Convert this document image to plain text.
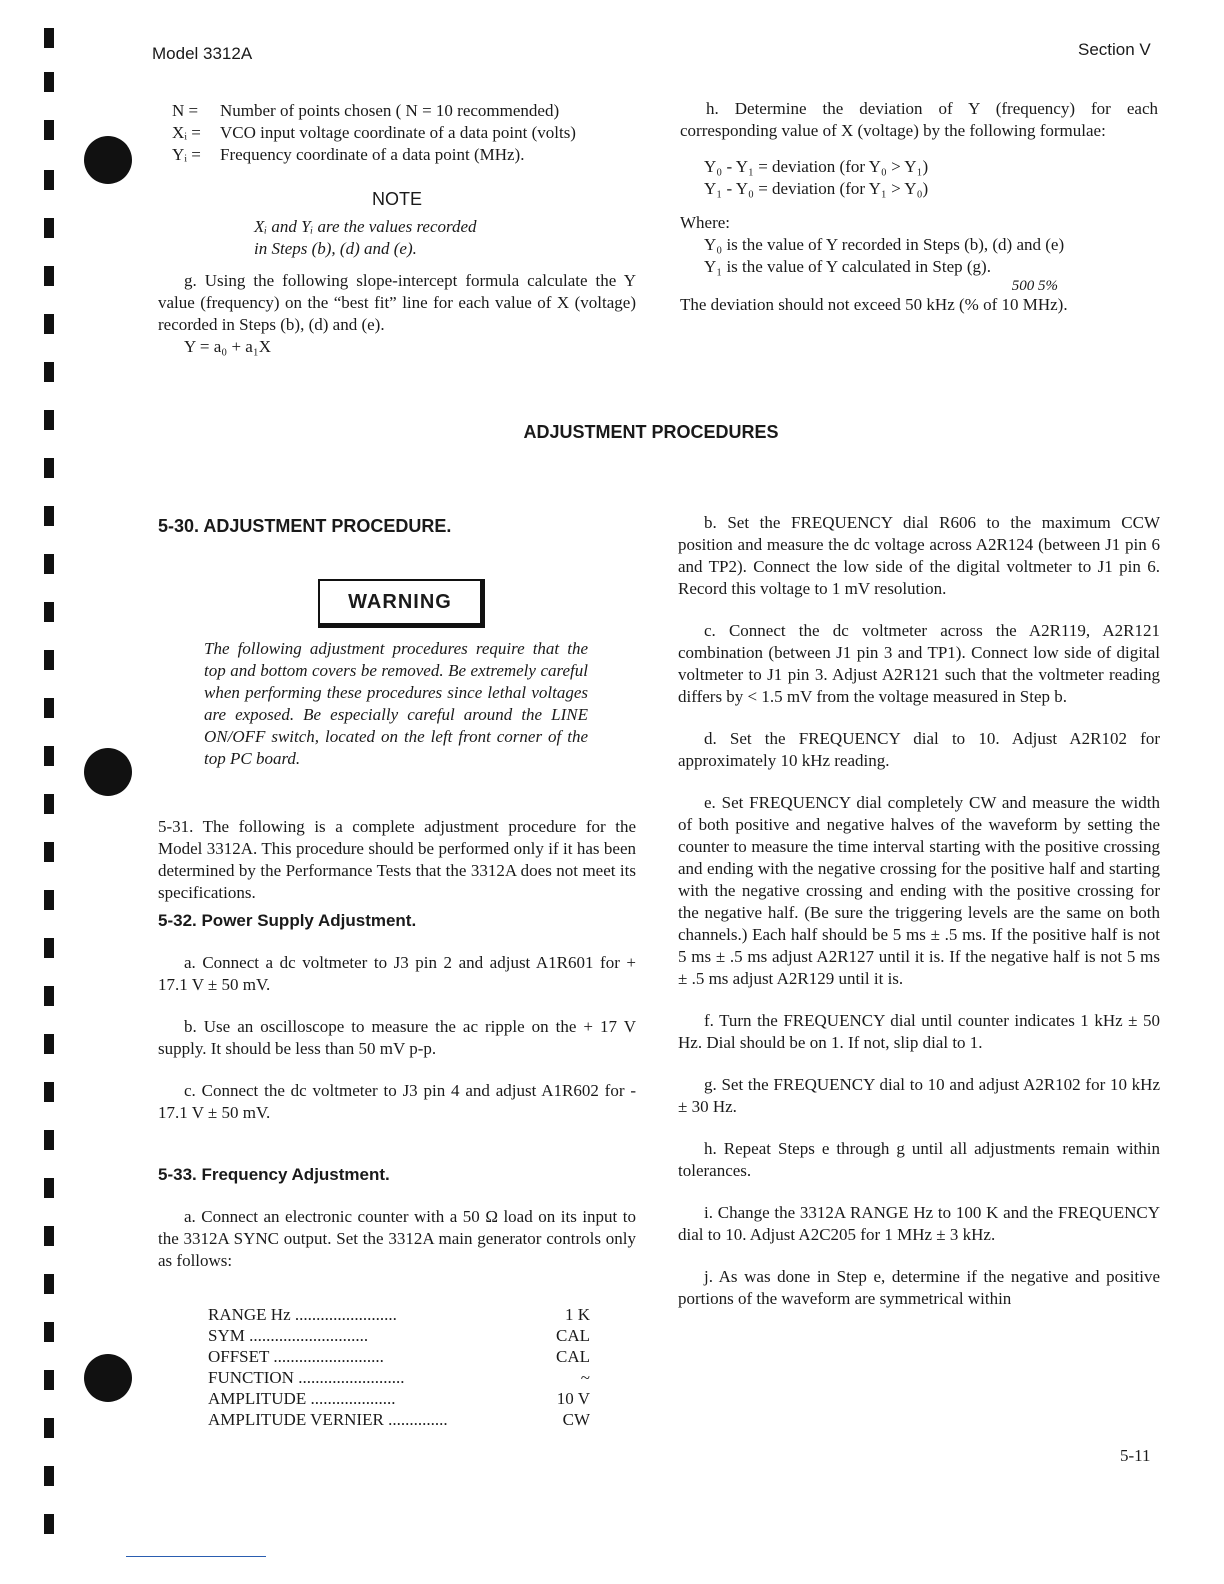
Model 3312A	Section V
N =	Number of points chosen ( N = 10 recommended)
Xᵢ =	VCO input voltage coordinate of a data point (volts)
Yᵢ =	Frequency coordinate of a data point (MHz).
NOTE
Xᵢ and Yᵢ are the values recorded
in Steps (b), (d) and (e).

g. Using the following slope-intercept formula calculate the Y value (frequency) on the “best fit” line for each value of X (voltage) recorded in Steps (b), (d) and (e).

Y = a₀ + a₁X

h. Determine the deviation of Y (frequency) for each corresponding value of X (voltage) by the following formulae:

Y₀ - Y₁ = deviation (for Y₀ > Y₁)
Y₁ - Y₀ = deviation (for Y₁ > Y₀)
Where:
Y₀ is the value of Y recorded in Steps (b), (d) and (e)
Y₁ is the value of Y calculated in Step (g).
500 5%
The deviation should not exceed 50 kHz (% of 10 MHz).
ADJUSTMENT PROCEDURES
5-30. ADJUSTMENT PROCEDURE.
WARNING
The following adjustment procedures require that the top and bottom covers be removed. Be extremely careful when performing these procedures since lethal voltages are exposed. Be especially careful around the LINE ON/OFF switch, located on the left front corner of the top PC board.

5-31. The following is a complete adjustment procedure for the Model 3312A. This procedure should be performed only if it has been determined by the Performance Tests that the 3312A does not meet its specifications.

5-32. Power Supply Adjustment.

a. Connect a dc voltmeter to J3 pin 2 and adjust A1R601 for + 17.1 V ± 50 mV.

b. Use an oscilloscope to measure the ac ripple on the + 17 V supply. It should be less than 50 mV p-p.

c. Connect the dc voltmeter to J3 pin 4 and adjust A1R602 for - 17.1 V ± 50 mV.

5-33. Frequency Adjustment.

a. Connect an electronic counter with a 50 Ω load on its input to the 3312A SYNC output. Set the 3312A main generator controls only as follows:

RANGE Hz ........................	1 K
SYM ............................	CAL
OFFSET ..........................	CAL
FUNCTION .........................	~
AMPLITUDE ....................	10 V
AMPLITUDE VERNIER ..............	CW

b. Set the FREQUENCY dial R606 to the maximum CCW position and measure the dc voltage across A2R124 (between J1 pin 6 and TP2). Connect the low side of the digital voltmeter to J1 pin 6. Record this voltage to 1 mV resolution.

c. Connect the dc voltmeter across the A2R119, A2R121 combination (between J1 pin 3 and TP1). Connect low side of digital voltmeter to J1 pin 3. Adjust A2R121 such that the voltmeter reading differs by < 1.5 mV from the voltage measured in Step b.

d. Set the FREQUENCY dial to 10. Adjust A2R102 for approximately 10 kHz reading.

e. Set FREQUENCY dial completely CW and measure the width of both positive and negative halves of the waveform by setting the counter to measure the time interval starting with the positive crossing and ending with the negative crossing for the positive half and starting with the negative crossing and ending with the positive crossing for the negative half. (Be sure the triggering levels are the same on both channels.) Each half should be 5 ms ± .5 ms. If the positive half is not 5 ms ± .5 ms adjust A2R127 until it is. If the negative half is not 5 ms ± .5 ms adjust A2R129 until it is.

f. Turn the FREQUENCY dial until counter indicates 1 kHz ± 50 Hz. Dial should be on 1. If not, slip dial to 1.

g. Set the FREQUENCY dial to 10 and adjust A2R102 for 10 kHz ± 30 Hz.

h. Repeat Steps e through g until all adjustments remain within tolerances.

i. Change the 3312A RANGE Hz to 100 K and the FREQUENCY dial to 10. Adjust A2C205 for 1 MHz ± 3 kHz.

j. As was done in Step e, determine if the negative and positive portions of the waveform are symmetrical within

5-11
